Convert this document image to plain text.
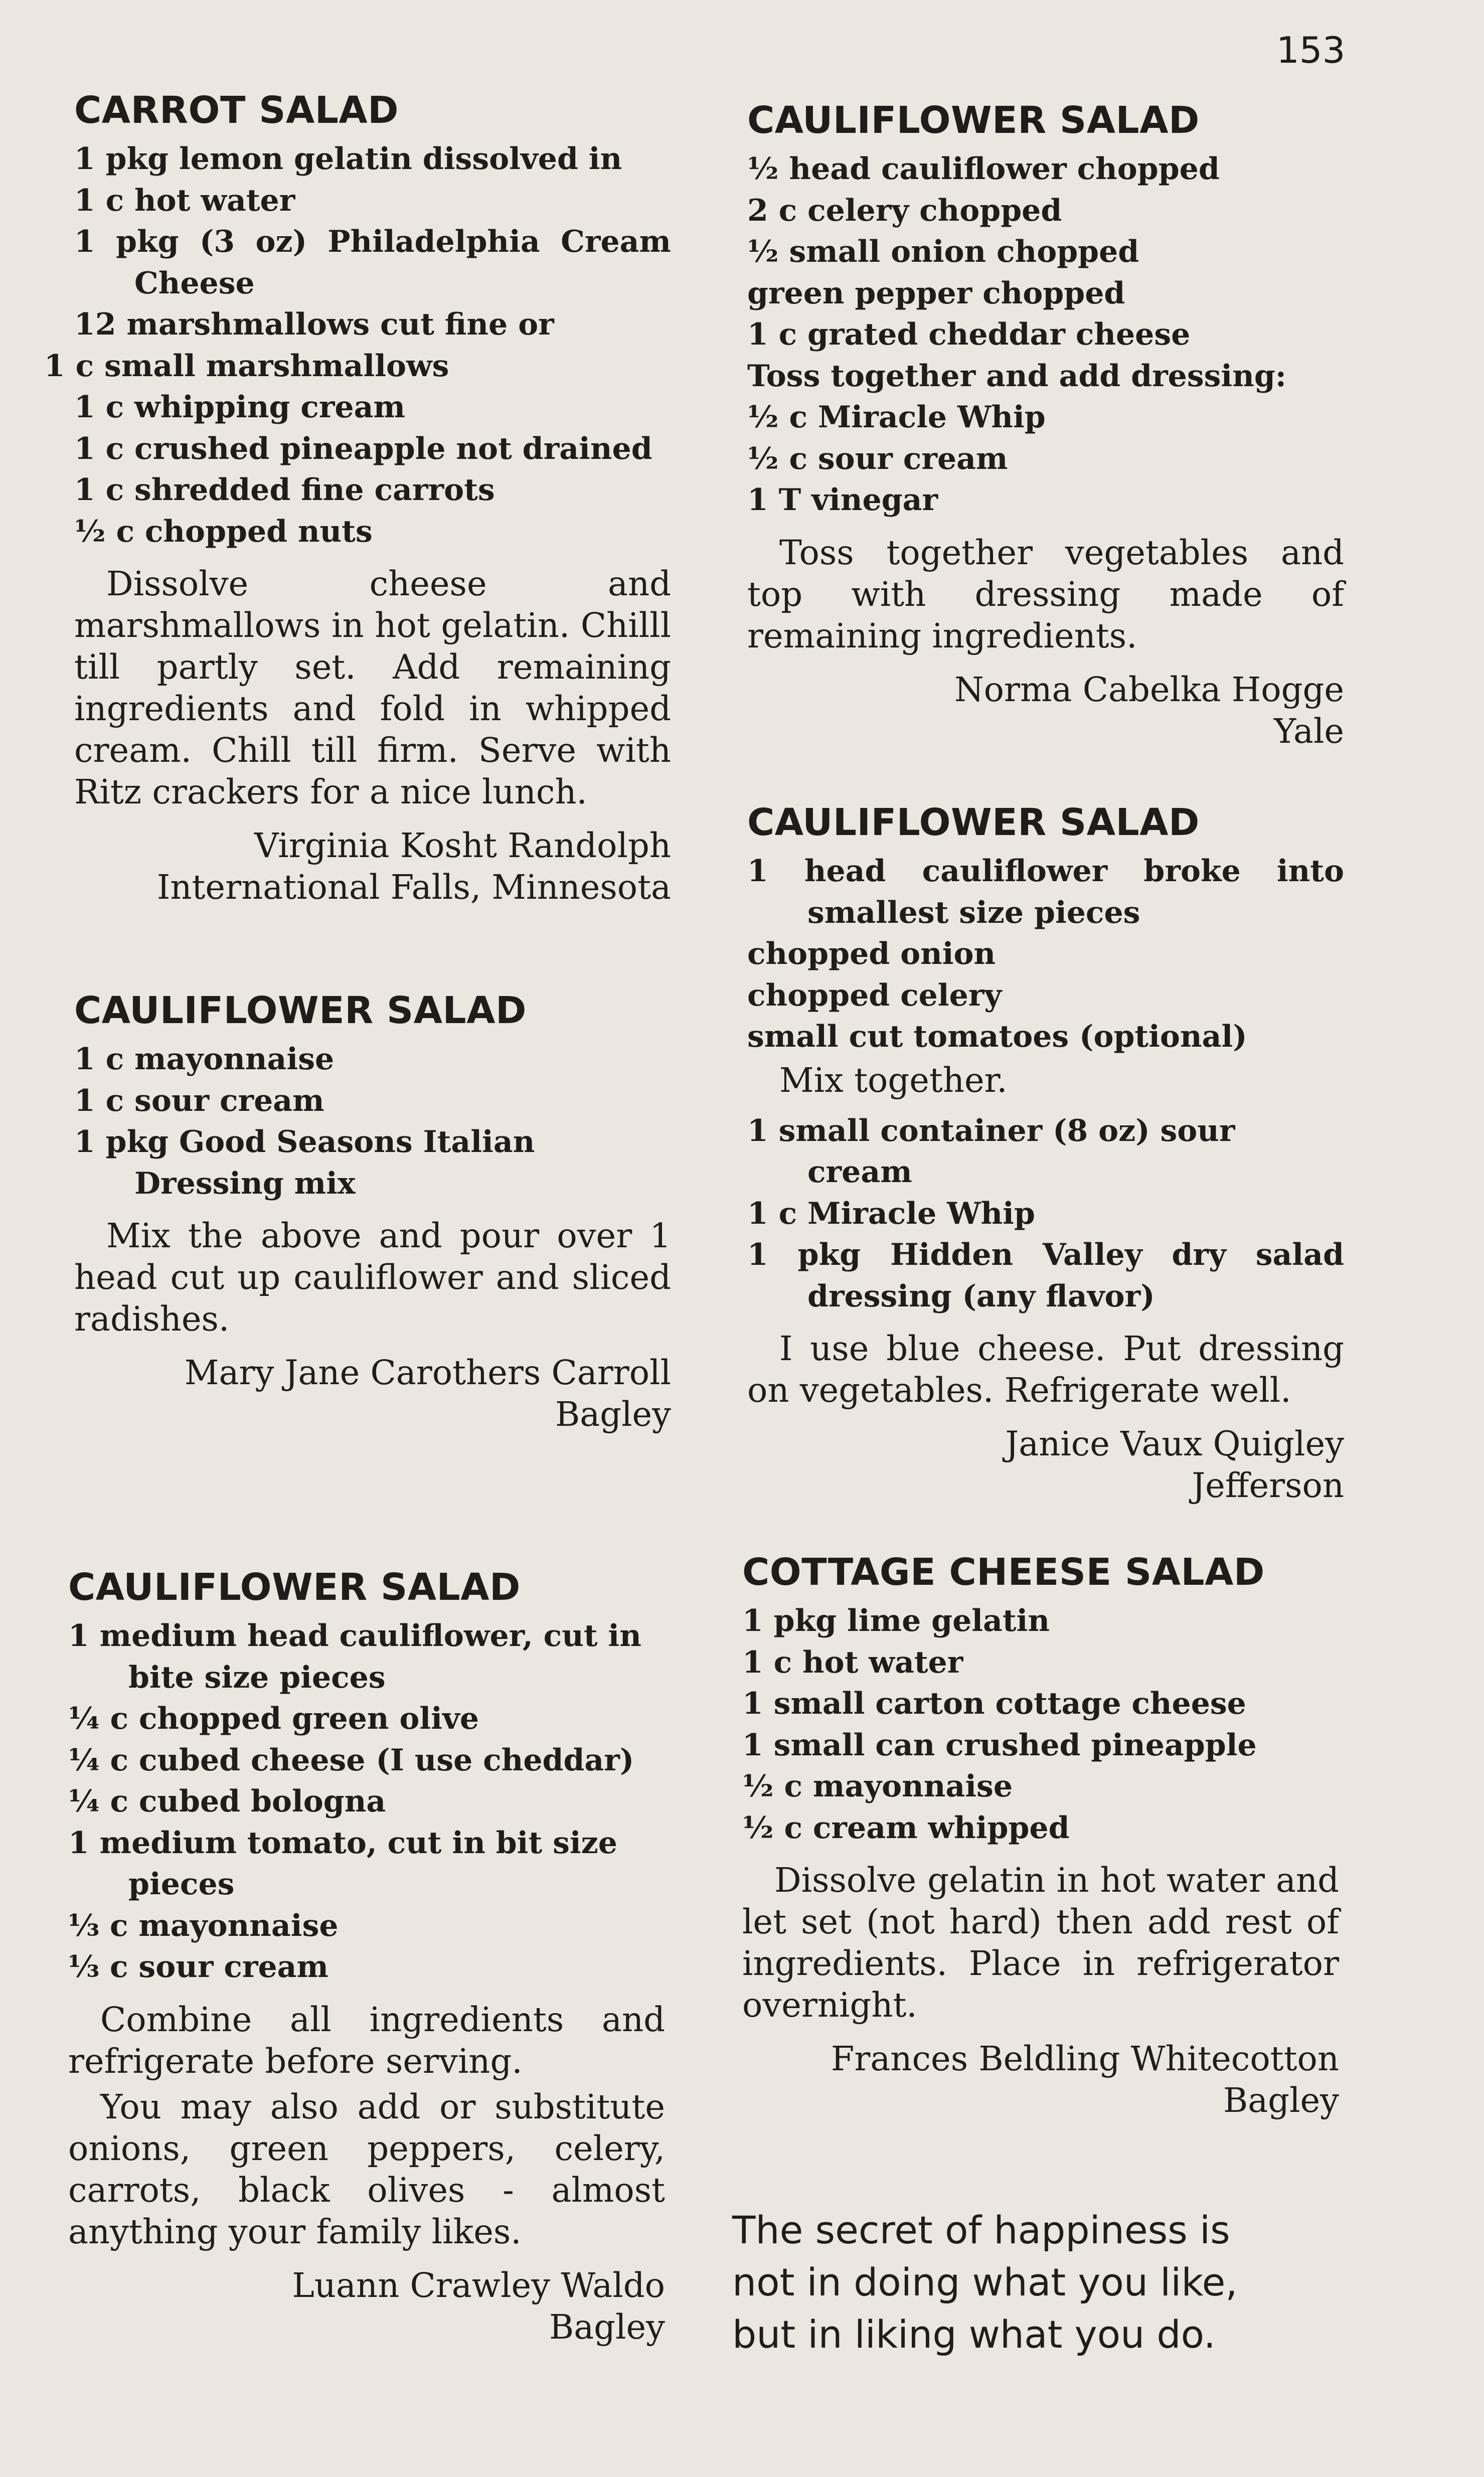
153
CARROT SALAD
1 pkg lemon gelatin dissolved in
1 c hot water
1 pkg (3 oz) Philadelphia Cream Cheese
12 marshmallows cut fine or
1 c small marshmallows
1 c whipping cream
1 c crushed pineapple not drained
1 c shredded fine carrots
½ c chopped nuts

Dissolve cheese and marshmallows in hot gelatin. Chilll till partly set. Add remaining ingredients and fold in whipped cream. Chill till firm. Serve with Ritz crackers for a nice lunch.

Virginia Kosht Randolph
International Falls, Minnesota
CAULIFLOWER SALAD
1 c mayonnaise
1 c sour cream
1 pkg Good Seasons Italian Dressing mix

Mix the above and pour over 1 head cut up cauliflower and sliced radishes.

Mary Jane Carothers Carroll
Bagley
CAULIFLOWER SALAD
1 medium head cauliflower, cut in bite size pieces
¼ c chopped green olive
¼ c cubed cheese (I use cheddar)
¼ c cubed bologna
1 medium tomato, cut in bit size pieces
⅓ c mayonnaise
⅓ c sour cream

Combine all ingredients and refrigerate before serving.

You may also add or substitute onions, green peppers, celery, carrots, black olives - almost anything your family likes.

Luann Crawley Waldo
Bagley
CAULIFLOWER SALAD
½ head cauliflower chopped
2 c celery chopped
½ small onion chopped
green pepper chopped
1 c grated cheddar cheese
Toss together and add dressing:
½ c Miracle Whip
½ c sour cream
1 T vinegar

Toss together vegetables and top with dressing made of remaining ingredients.

Norma Cabelka Hogge
Yale
CAULIFLOWER SALAD
1 head cauliflower broke into smallest size pieces
chopped onion
chopped celery
small cut tomatoes (optional)

Mix together.

1 small container (8 oz) sour cream
1 c Miracle Whip
1 pkg Hidden Valley dry salad dressing (any flavor)

I use blue cheese. Put dressing on vegetables. Refrigerate well.

Janice Vaux Quigley
Jefferson
COTTAGE CHEESE SALAD
1 pkg lime gelatin
1 c hot water
1 small carton cottage cheese
1 small can crushed pineapple
½ c mayonnaise
½ c cream whipped

Dissolve gelatin in hot water and let set (not hard) then add rest of ingredients. Place in refrigerator overnight.

Frances Beldling Whitecotton
Bagley
The secret of happiness is
not in doing what you like,
but in liking what you do.
